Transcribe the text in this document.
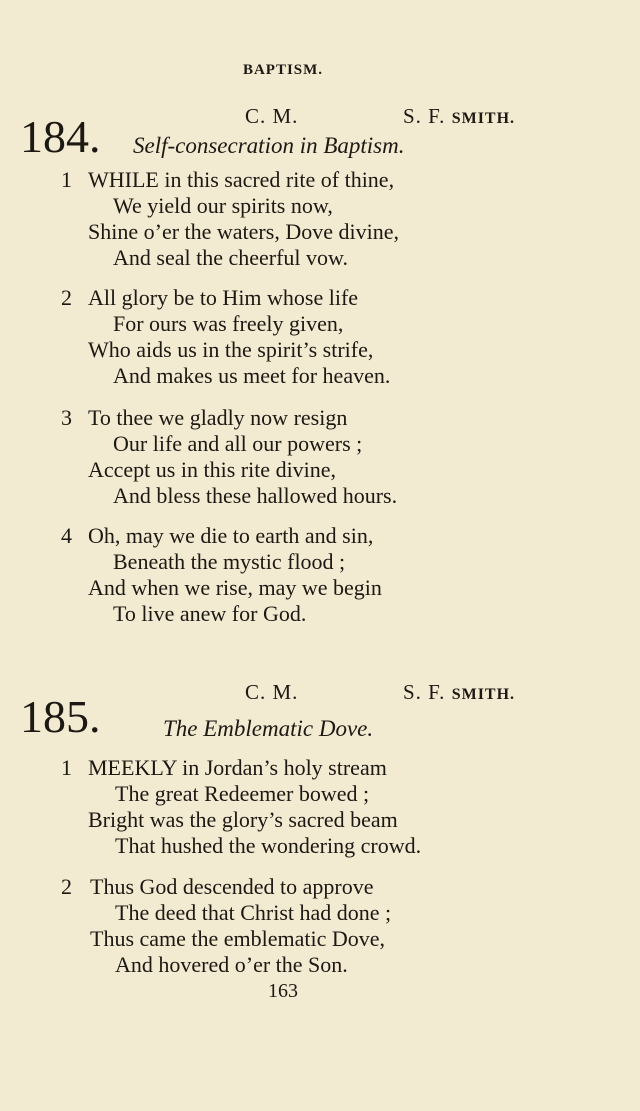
BAPTISM.
184.	C. M.	S. F. SMITH.
Self-consecration in Baptism.
1 WHILE in this sacred rite of thine,
We yield our spirits now,
Shine o’er the waters, Dove divine,
And seal the cheerful vow.
2 All glory be to Him whose life
For ours was freely given,
Who aids us in the spirit’s strife,
And makes us meet for heaven.
3 To thee we gladly now resign
Our life and all our powers ;
Accept us in this rite divine,
And bless these hallowed hours.
4 Oh, may we die to earth and sin,
Beneath the mystic flood ;
And when we rise, may we begin
To live anew for God.
185.	C. M.	S. F. SMITH.
The Emblematic Dove.
1 MEEKLY in Jordan’s holy stream
The great Redeemer bowed ;
Bright was the glory’s sacred beam
That hushed the wondering crowd.
2 Thus God descended to approve
The deed that Christ had done ;
Thus came the emblematic Dove,
And hovered o’er the Son.
163
